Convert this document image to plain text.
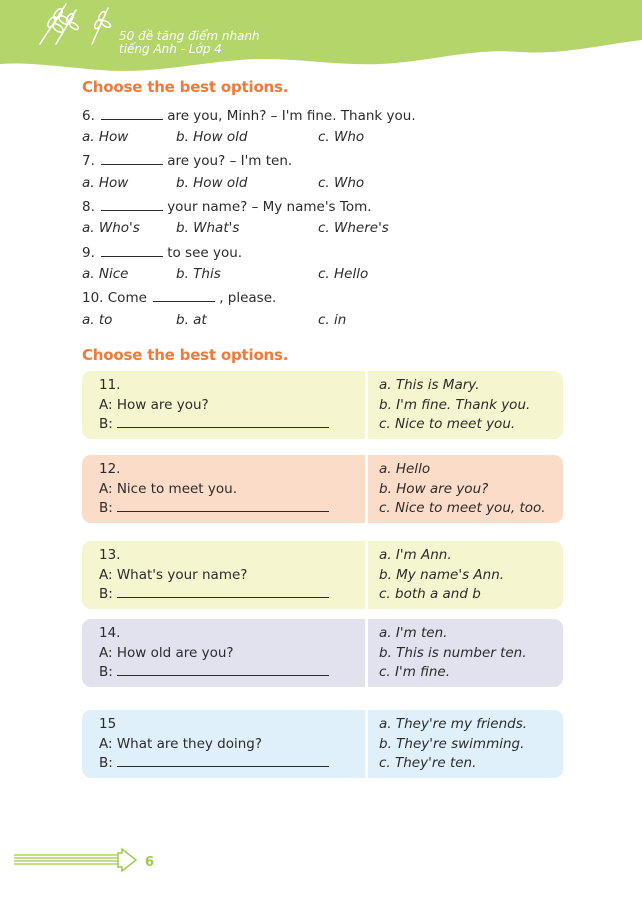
50 đề tăng điểm nhanh
tiếng Anh - Lớp 4
Choose the best options.
6.	are you, Minh? – I'm fine. Thank you.
a. How	b. How old	c. Who
7.	are you? – I'm ten.
a. How	b. How old	c. Who
8.	your name? – My name's Tom.
a. Who's	b. What's	c. Where's
9.	to see you.
a. Nice	b. This	c. Hello
10. Come	, please.
a. to	b. at	c. in
Choose the best options.
11.
A: How are you?
B:
a. This is Mary.
b. I'm fine. Thank you.
c. Nice to meet you.
12.
A: Nice to meet you.
B:
a. Hello
b. How are you?
c. Nice to meet you, too.
13.
A: What's your name?
B:
a. I'm Ann.
b. My name's Ann.
c. both a and b
14.
A: How old are you?
B:
a. I'm ten.
b. This is number ten.
c. I'm fine.
15
A: What are they doing?
B:
a. They're my friends.
b. They're swimming.
c. They're ten.
6
